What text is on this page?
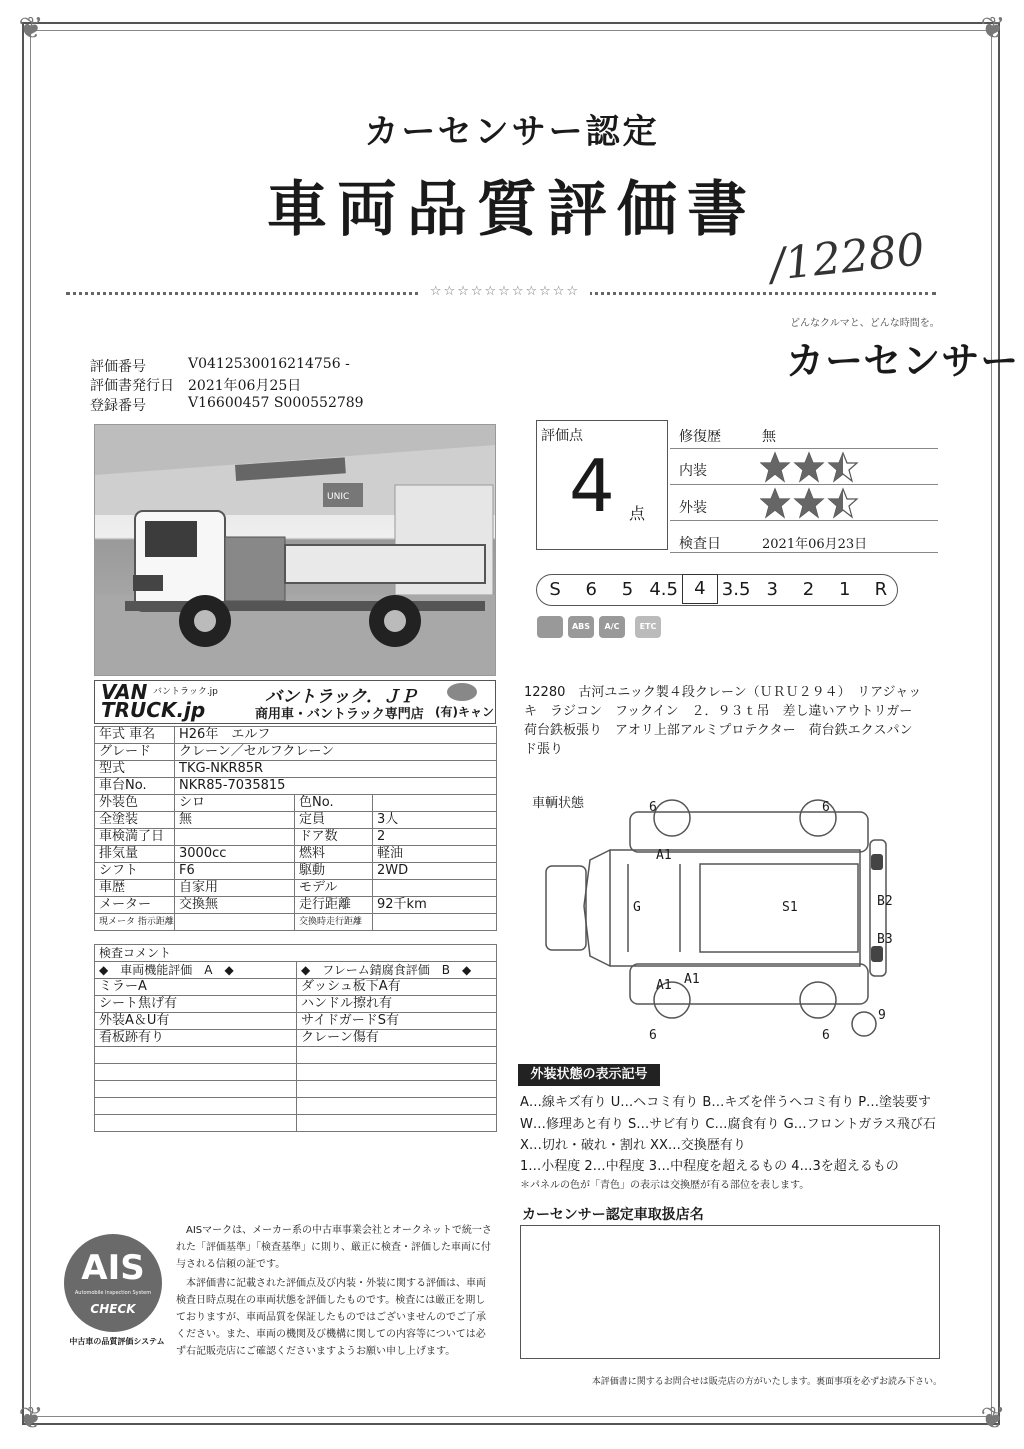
❦	❦
❦	❦
カーセンサー認定
車両品質評価書
/12280
☆☆☆☆☆☆☆☆☆☆☆
どんなクルマと、どんな時間を。
カーセンサー
評価番号	V0412530016214756 -
評価書発行日 2021年06月25日
登録番号	V16600457 S000552789
UNIC
VAN
TRUCK.jp
バントラック.jp	バントラック．ＪＰ
商用車・バントラック専門店 (有)キャン
年式 車名	H26年　エルフ		
グレード	クレーン／セルフクレーン		
型式	TKG-NKR85R		
車台No.	NKR85-7035815		
外装色	シロ	色No.	
全塗装	無	定員	3人
車検満了日		ドア数	2
排気量	3000cc	燃料	軽油
シフト	F6	駆動	2WD
車歴	自家用	モデル	
メーター	交換無	走行距離	92千km
現メータ 指示距離		交換時走行距離	
検査コメント	
◆　車両機能評価　A　◆	◆　フレーム錆腐食評価　B　◆
ミラーA	ダッシュ板下A有
シート焦げ有	ハンドル擦れ有
外装A＆U有	サイドガードS有
看板跡有り	クレーン傷有

評価点
4 点
修復歴	無
内装
外装
検査日	2021年06月23日
S	6	5 4.5 4 3.5 3	2	1	R
ABS	A/C	ETC
12280　古河ユニック製４段クレーン（ＵＲＵ２９４）　リアジャッキ　ラジコン　フックイン　２．９３ｔ吊　差し違いアウトリガー　荷台鉄板張り　アオリ上部アルミプロテクター　荷台鉄エクスパンド張り
車輌状態	6	6
A1
G	S1	B2
B3
A1
A1
9
6	6
外装状態の表示記号
A…線キズ有り U…ヘコミ有り B…キズを伴うヘコミ有り P…塗装要す
W…修理あと有り S…サビ有り C…腐食有り G…フロントガラス飛び石
X…切れ・破れ・割れ XX…交換歴有り
1…小程度 2…中程度 3…中程度を超えるもの 4…3を超えるもの
＊パネルの色が「青色」の表示は交換歴が有る部位を表します。
カーセンサー認定車取扱店名
AIS
Automobile Inspection System
CHECK
中古車の品質評価システム
AISマークは、メーカー系の中古車事業会社とオークネットで統一された「評価基準」「検査基準」に則り、厳正に検査・評価した車両に付与される信頼の証です。
本評価書に記載された評価点及び内装・外装に関する評価は、車両検査日時点現在の車両状態を評価したものです。検査には厳正を期しておりますが、車両品質を保証したものではございませんのでご了承ください。また、車両の機関及び機構に関しての内容等については必ず右記販売店にご確認くださいますようお願い申し上げます。
本評価書に関するお問合せは販売店の方がいたします。裏面事項を必ずお読み下さい。
